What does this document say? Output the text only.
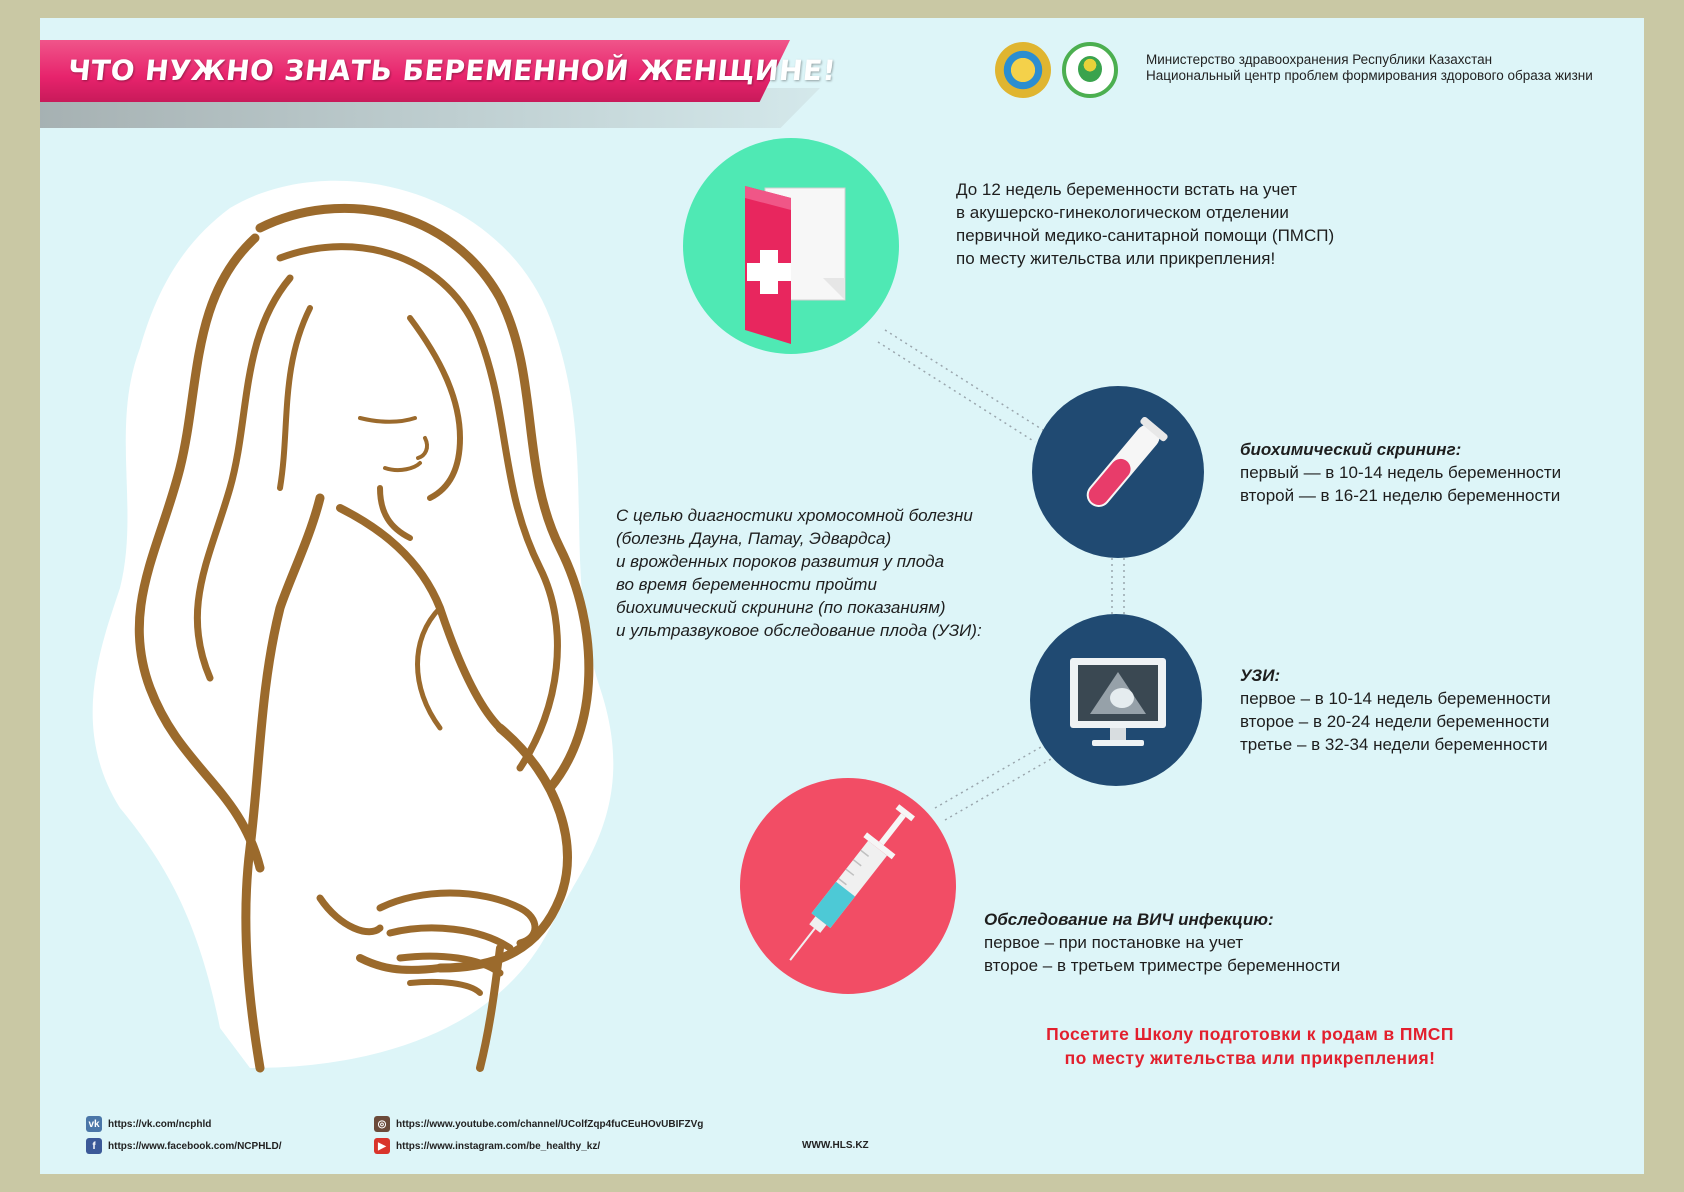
ЧТО НУЖНО ЗНАТЬ БЕРЕМЕННОЙ ЖЕНЩИНЕ!	Министерство здравоохранения Республики Казахстан
Национальный центр проблем формирования здорового образа жизни
До 12 недель беременности встать на учет
в акушерско-гинекологическом отделении
первичной медико-санитарной помощи (ПМСП)
по месту жительства или прикрепления!
С целью диагностики хромосомной болезни
(болезнь Дауна, Патау, Эдвардса)
и врожденных пороков развития у плода
во время беременности пройти
биохимический скрининг (по показаниям)
и ультразвуковое обследование плода (УЗИ):
биохимический скрининг:
первый — в 10-14 недель беременности
второй — в 16-21 неделю беременности
УЗИ:
первое – в 10-14 недель беременности
второе – в 20-24 недели беременности
третье – в 32-34 недели беременности
Обследование на ВИЧ инфекцию:
первое – при постановке на учет
второе – в третьем триместре беременности
Посетите Школу подготовки к родам в ПМСП
по месту жительства или прикрепления!
vk https://vk.com/ncphld
f	https://www.facebook.com/NCPHLD/
◎ https://www.youtube.com/channel/UColfZqp4fuCEuHOvUBIFZVg
▶	https://www.instagram.com/be_healthy_kz/	WWW.HLS.KZ
